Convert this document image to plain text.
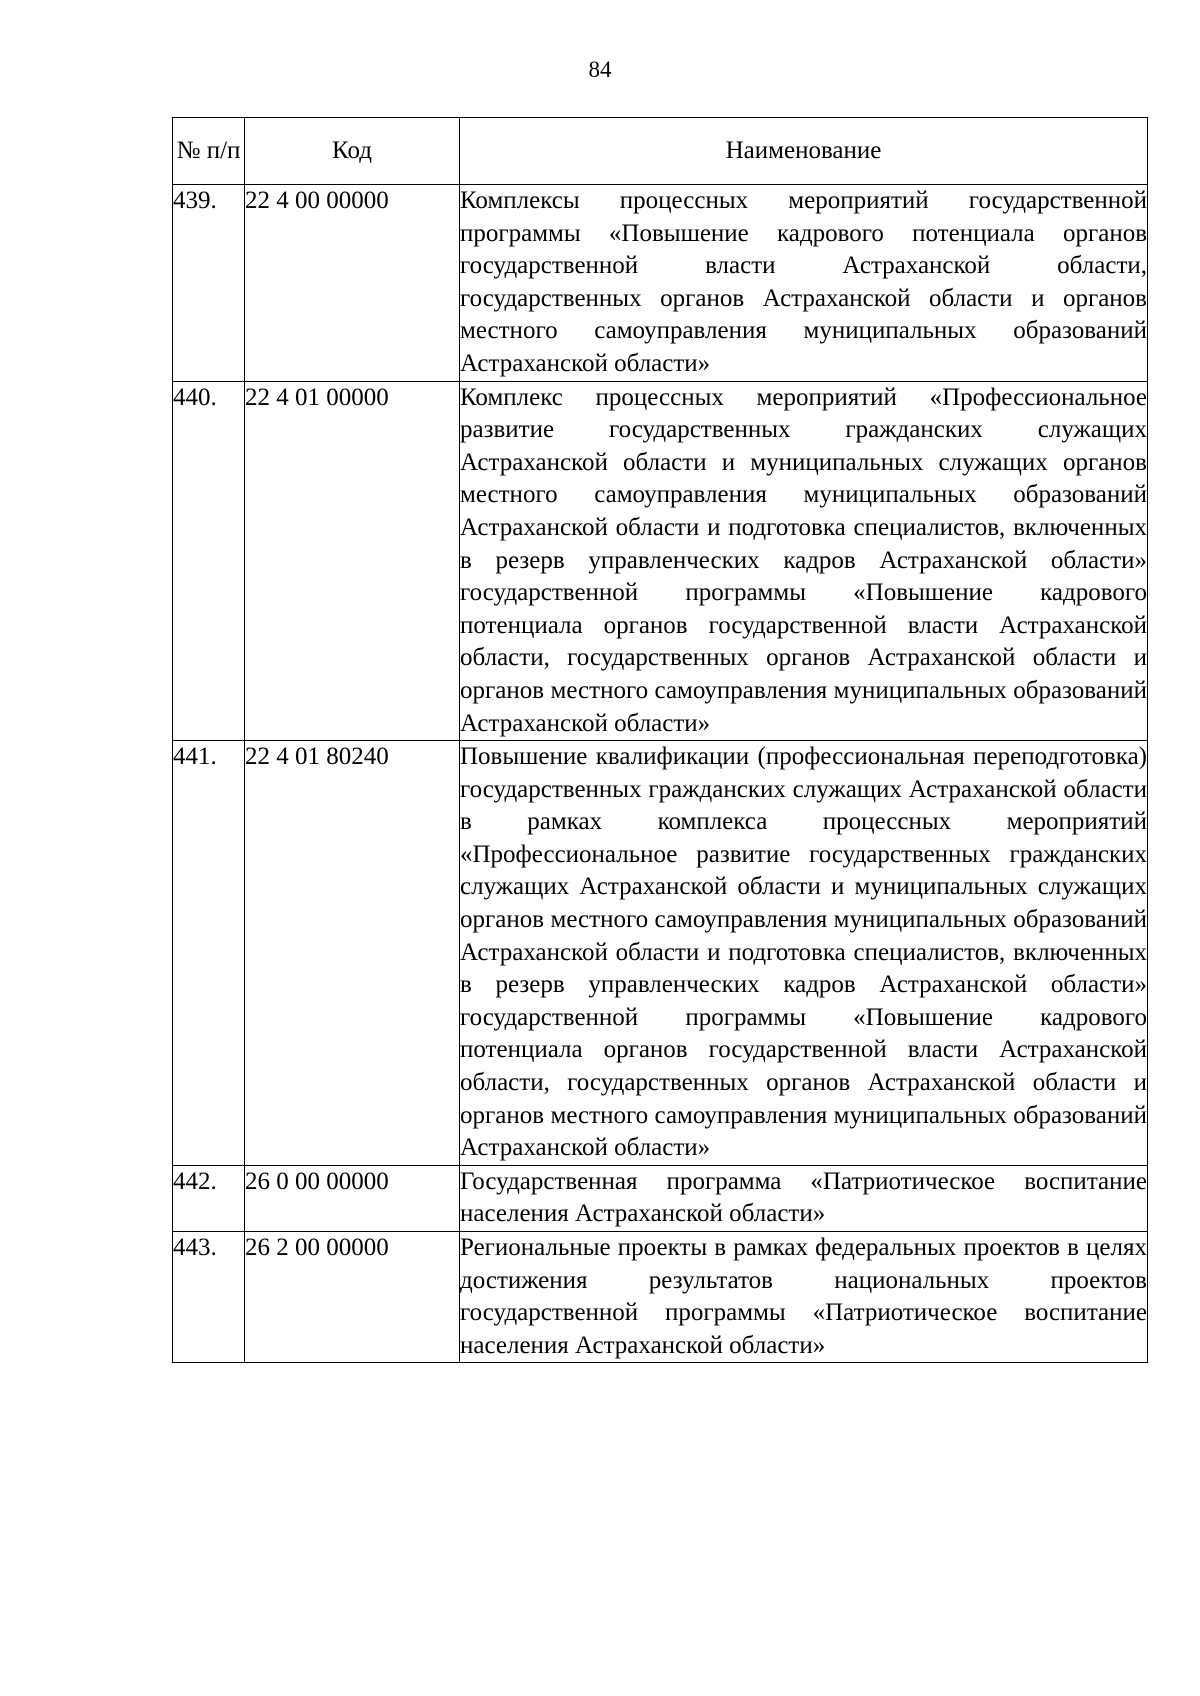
84
№ п/п	Код	Наименование
439.	22 4 00 00000	Комплексы процессных мероприятий государственной программы «Повышение кадрового потенциала органов государственной власти Астраханской области, государственных органов Астраханской области и органов местного самоуправления муниципальных образований Астраханской области»

440.	22 4 01 00000	Комплекс процессных мероприятий «Профессиональное развитие государственных гражданских служащих Астраханской области и муниципальных служащих органов местного самоуправления муниципальных образований Астраханской области и подготовка специалистов, включенных в резерв управленческих кадров Астраханской области» государственной программы «Повышение кадрового потенциала органов государственной власти Астраханской области, государственных органов Астраханской области и органов местного самоуправления муниципальных образований Астраханской области»

441.	22 4 01 80240	Повышение квалификации (профессиональная переподготовка) государственных гражданских служащих Астраханской области в рамках комплекса процессных мероприятий «Профессиональное развитие государственных гражданских служащих Астраханской области и муниципальных служащих органов местного самоуправления муниципальных образований Астраханской области и подготовка специалистов, включенных в резерв управленческих кадров Астраханской области» государственной программы «Повышение кадрового потенциала органов государственной власти Астраханской области, государственных органов Астраханской области и органов местного самоуправления муниципальных образований Астраханской области»

442.	26 0 00 00000	Государственная программа «Патриотическое воспитание населения Астраханской области»

443.	26 2 00 00000	Региональные проекты в рамках федеральных проектов в целях достижения результатов национальных проектов государственной программы «Патриотическое воспитание населения Астраханской области»
